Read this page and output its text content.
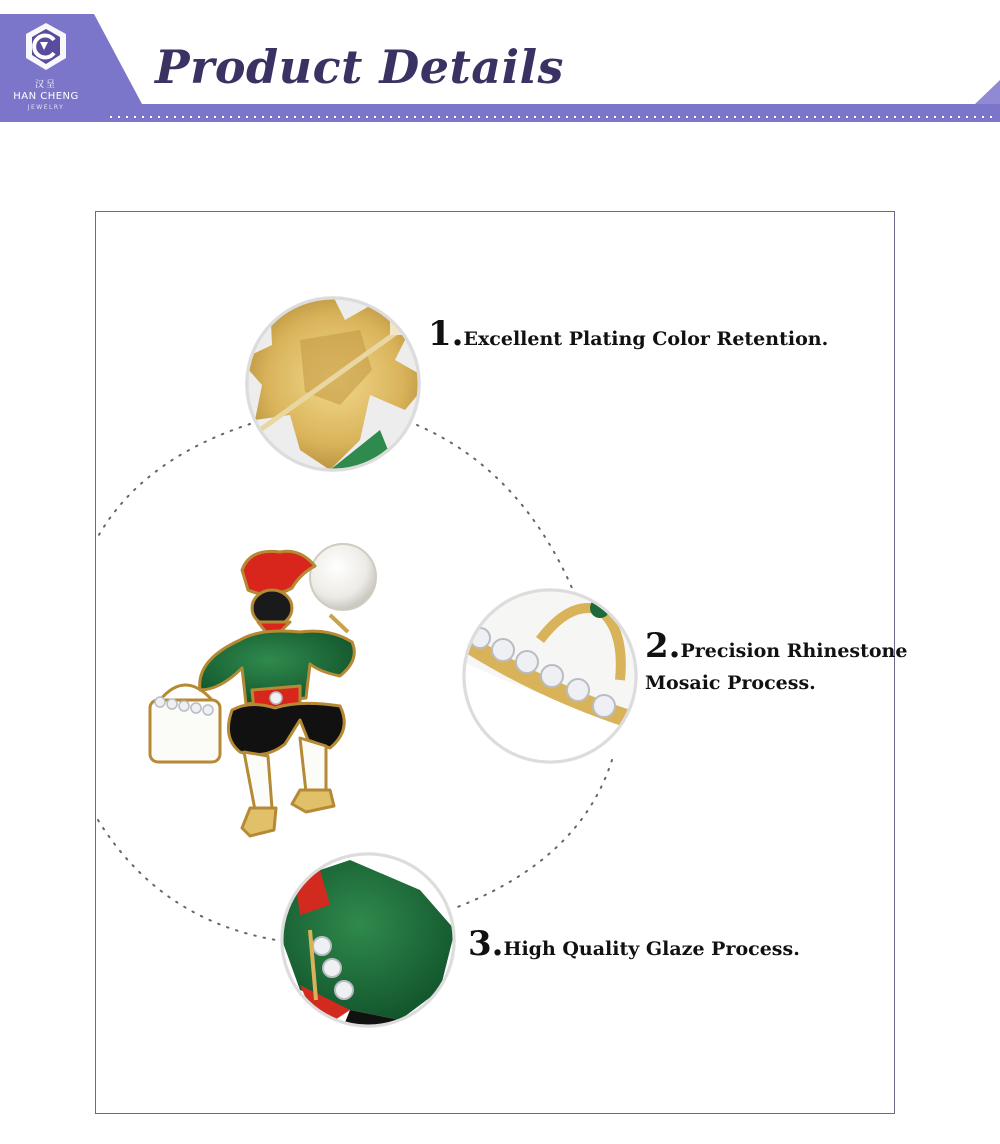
汉呈
HAN CHENG
JEWELRY
Product Details
1.Excellent Plating Color Retention.
2.Precision Rhinestone
Mosaic Process.
3.High Quality Glaze Process.
